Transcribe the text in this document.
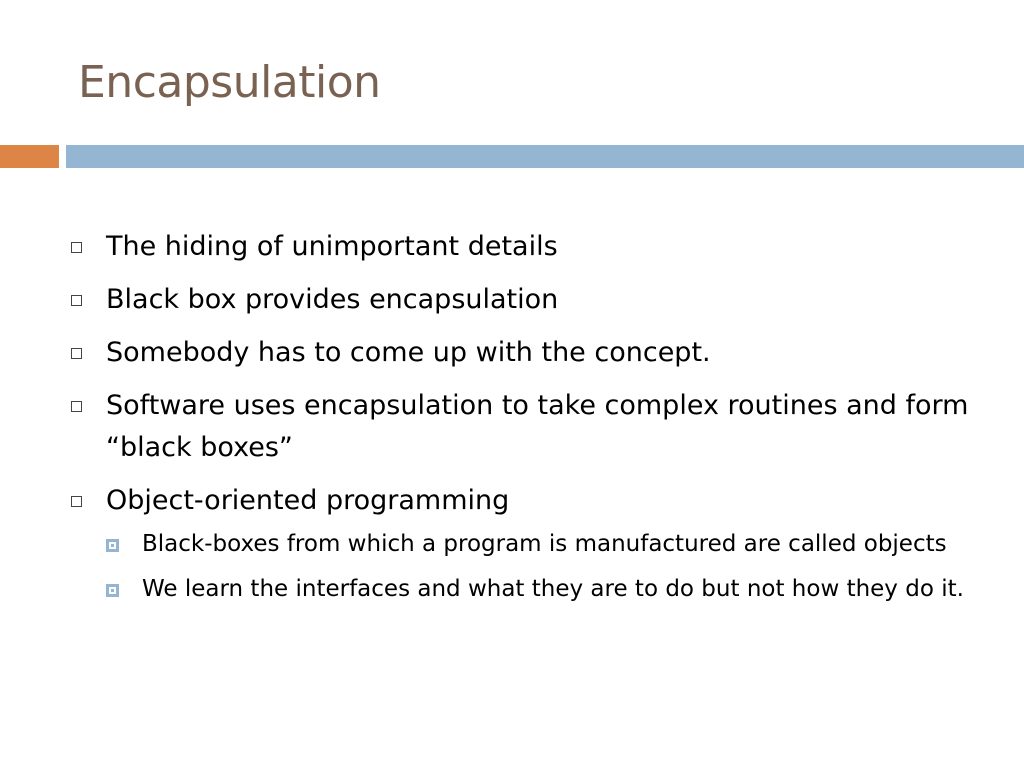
Encapsulation
The hiding of unimportant details
Black box provides encapsulation
Somebody has to come up with the concept.
Software uses encapsulation to take complex routines and form “black boxes”
Object-oriented programming
Black-boxes from which a program is manufactured are called objects
We learn the interfaces and what they are to do but not how they do it.
